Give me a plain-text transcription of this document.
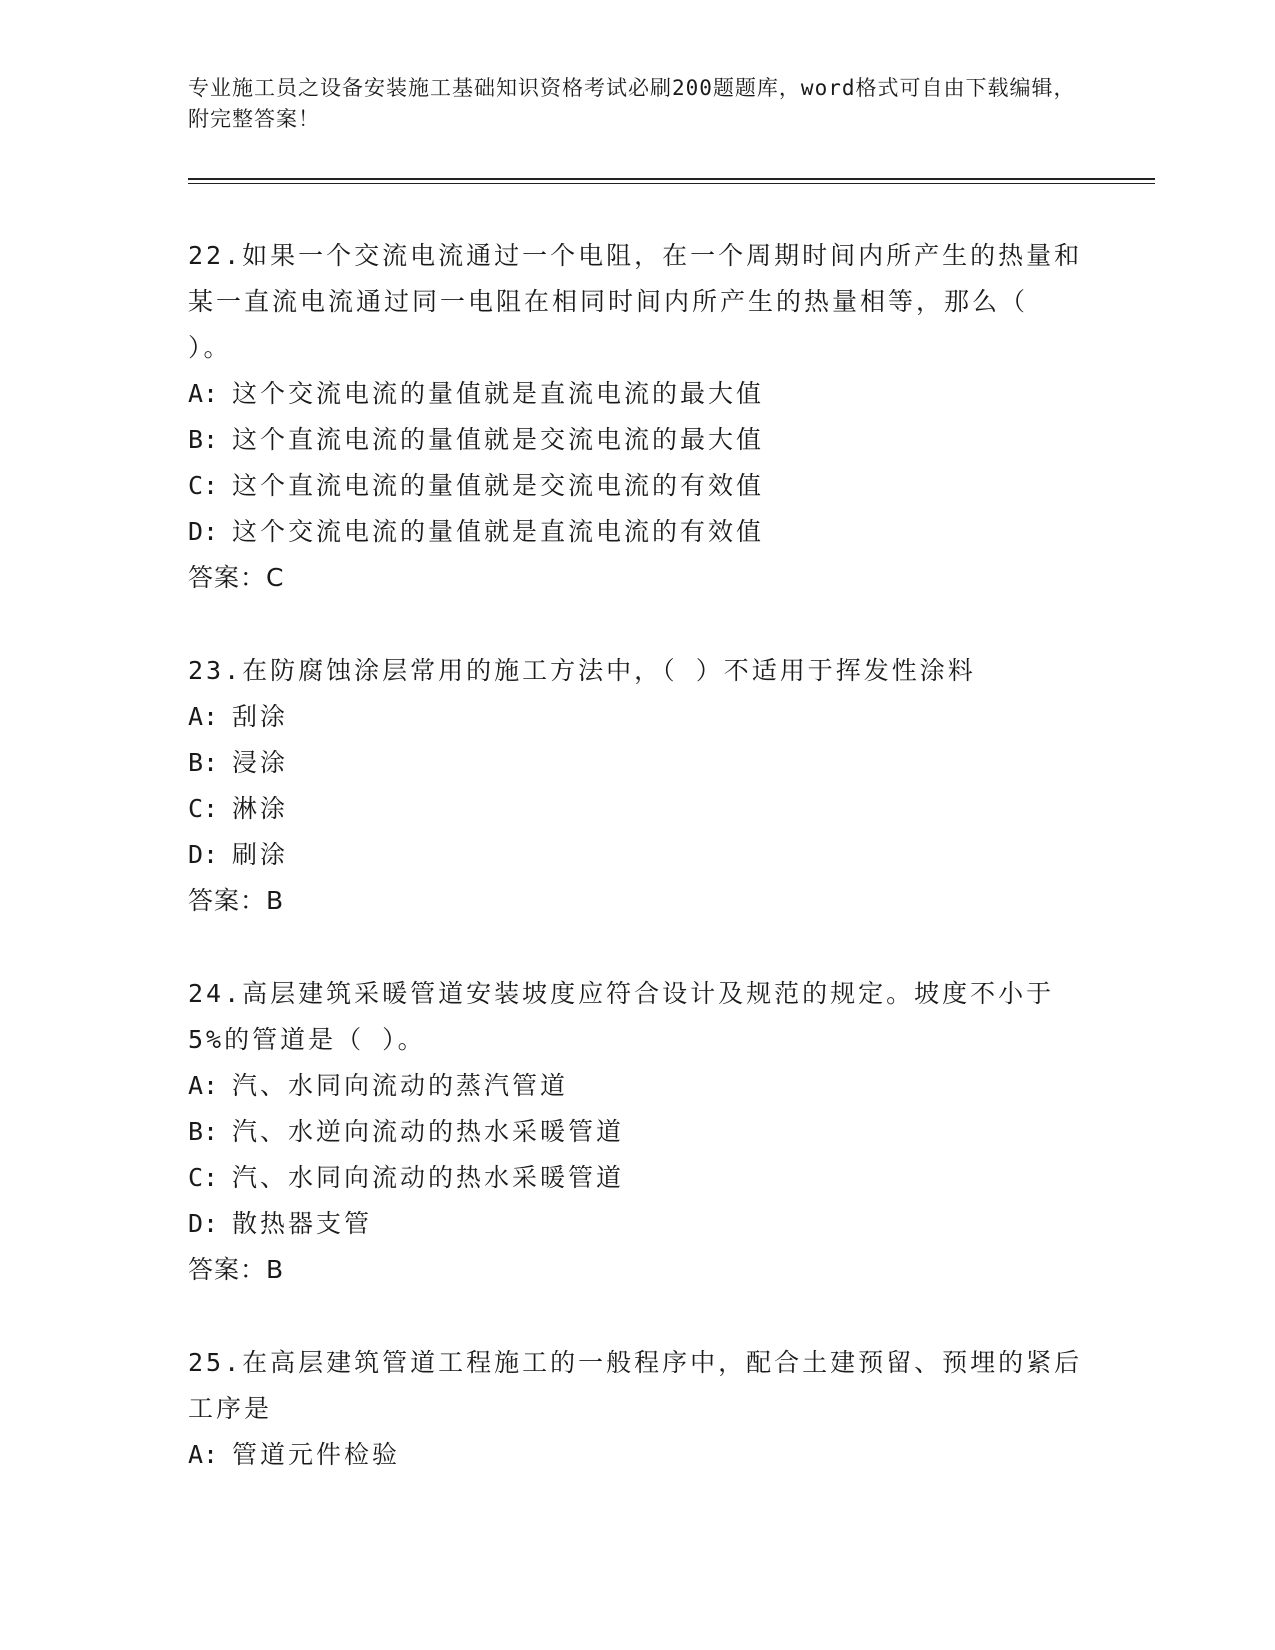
专业施工员之设备安装施工基础知识资格考试必刷200题题库，word格式可自由下载编辑，附完整答案！
22.如果一个交流电流通过一个电阻，在一个周期时间内所产生的热量和某一直流电流通过同一电阻在相同时间内所产生的热量相等，那么（ ）。
A: 这个交流电流的量值就是直流电流的最大值
B: 这个直流电流的量值就是交流电流的最大值
C: 这个直流电流的量值就是交流电流的有效值
D: 这个交流电流的量值就是直流电流的有效值
答案：C
23.在防腐蚀涂层常用的施工方法中，（ ）不适用于挥发性涂料
A: 刮涂
B: 浸涂
C: 淋涂
D: 刷涂
答案：B
24.高层建筑采暖管道安装坡度应符合设计及规范的规定。坡度不小于5%的管道是（ ）。
A: 汽、水同向流动的蒸汽管道
B: 汽、水逆向流动的热水采暖管道
C: 汽、水同向流动的热水采暖管道
D: 散热器支管
答案：B
25.在高层建筑管道工程施工的一般程序中，配合土建预留、预埋的紧后工序是
A: 管道元件检验
